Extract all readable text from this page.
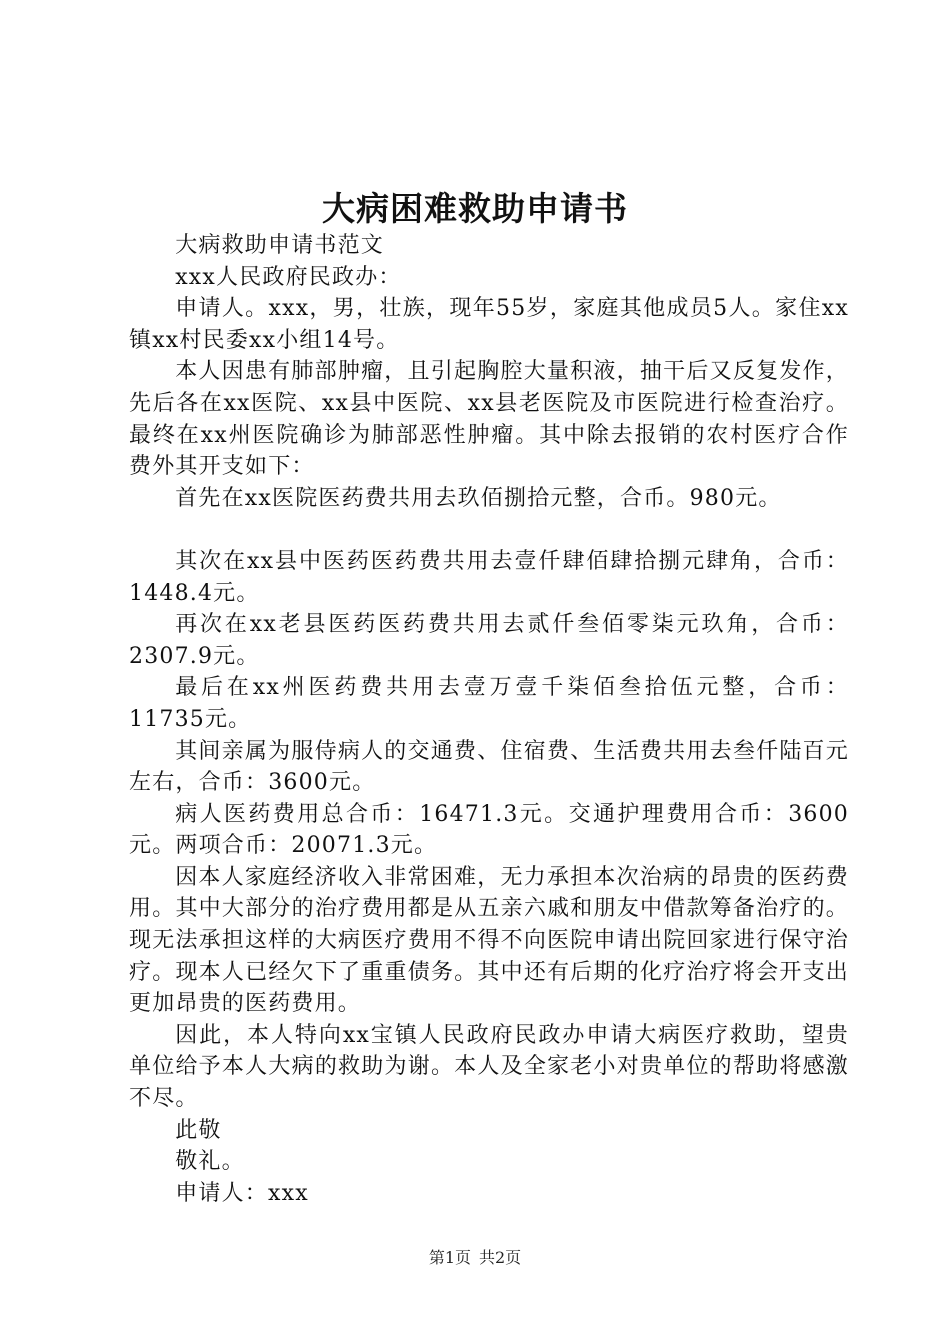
大病困难救助申请书

大病救助申请书范文

xxx人民政府民政办：

申请人。xxx，男，壮族，现年55岁，家庭其他成员5人。家住xx镇xx村民委xx小组14号。

本人因患有肺部肿瘤，且引起胸腔大量积液，抽干后又反复发作，先后各在xx医院、xx县中医院、xx县老医院及市医院进行检查治疗。最终在xx州医院确诊为肺部恶性肿瘤。其中除去报销的农村医疗合作费外其开支如下：

首先在xx医院医药费共用去玖佰捌拾元整，合币。980元。

其次在xx县中医药医药费共用去壹仟肆佰肆拾捌元肆角，合币：1448.4元。

再次在xx老县医药医药费共用去贰仟叁佰零柒元玖角，合币：2307.9元。

最后在xx州医药费共用去壹万壹千柒佰叁拾伍元整，合币：11735元。

其间亲属为服侍病人的交通费、住宿费、生活费共用去叁仟陆百元左右，合币：3600元。

病人医药费用总合币：16471.3元。交通护理费用合币：3600元。两项合币：20071.3元。

因本人家庭经济收入非常困难，无力承担本次治病的昂贵的医药费用。其中大部分的治疗费用都是从五亲六戚和朋友中借款筹备治疗的。现无法承担这样的大病医疗费用不得不向医院申请出院回家进行保守治疗。现本人已经欠下了重重债务。其中还有后期的化疗治疗将会开支出更加昂贵的医药费用。

因此，本人特向xx宝镇人民政府民政办申请大病医疗救助，望贵单位给予本人大病的救助为谢。本人及全家老小对贵单位的帮助将感激不尽。

此敬

敬礼。

申请人：xxx

第1页 共2页
